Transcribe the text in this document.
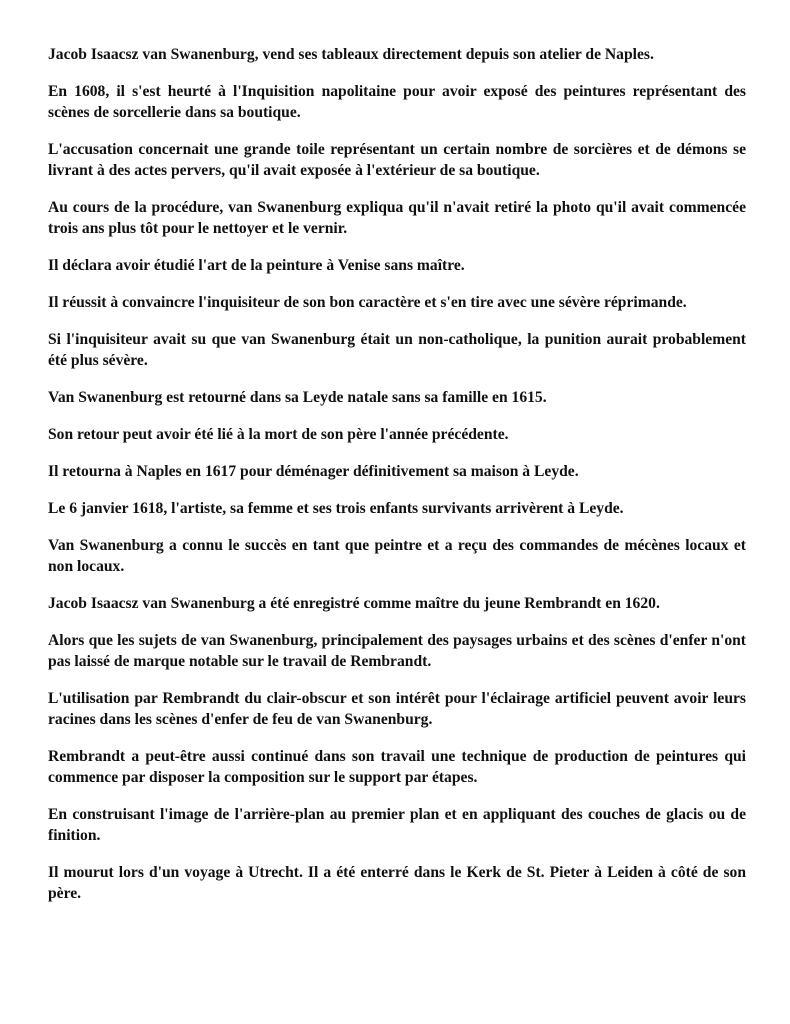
Jacob Isaacsz van Swanenburg, vend ses tableaux directement depuis son atelier de Naples.

En 1608, il s'est heurté à l'Inquisition napolitaine pour avoir exposé des peintures représentant des scènes de sorcellerie dans sa boutique.

L'accusation concernait une grande toile représentant un certain nombre de sorcières et de démons se livrant à des actes pervers, qu'il avait exposée à l'extérieur de sa boutique.

Au cours de la procédure, van Swanenburg expliqua qu'il n'avait retiré la photo qu'il avait commencée trois ans plus tôt pour le nettoyer et le vernir.

Il déclara avoir étudié l'art de la peinture à Venise sans maître.

Il réussit à convaincre l'inquisiteur de son bon caractère et s'en tire avec une sévère réprimande.

Si l'inquisiteur avait su que van Swanenburg était un non-catholique, la punition aurait probablement été plus sévère.

Van Swanenburg est retourné dans sa Leyde natale sans sa famille en 1615.

Son retour peut avoir été lié à la mort de son père l'année précédente.

Il retourna à Naples en 1617 pour déménager définitivement sa maison à Leyde.

Le 6 janvier 1618, l'artiste, sa femme et ses trois enfants survivants arrivèrent à Leyde.

Van Swanenburg a connu le succès en tant que peintre et a reçu des commandes de mécènes locaux et non locaux.

Jacob Isaacsz van Swanenburg a été enregistré comme maître du jeune Rembrandt en 1620.

Alors que les sujets de van Swanenburg, principalement des paysages urbains et des scènes d'enfer n'ont pas laissé de marque notable sur le travail de Rembrandt.

L'utilisation par Rembrandt du clair-obscur et son intérêt pour l'éclairage artificiel peuvent avoir leurs racines dans les scènes d'enfer de feu de van Swanenburg.

Rembrandt a peut-être aussi continué dans son travail une technique de production de peintures qui commence par disposer la composition sur le support par étapes.

En construisant l'image de l'arrière-plan au premier plan et en appliquant des couches de glacis ou de finition.

Il mourut lors d'un voyage à Utrecht. Il a été enterré dans le Kerk de St. Pieter à Leiden à côté de son père.
